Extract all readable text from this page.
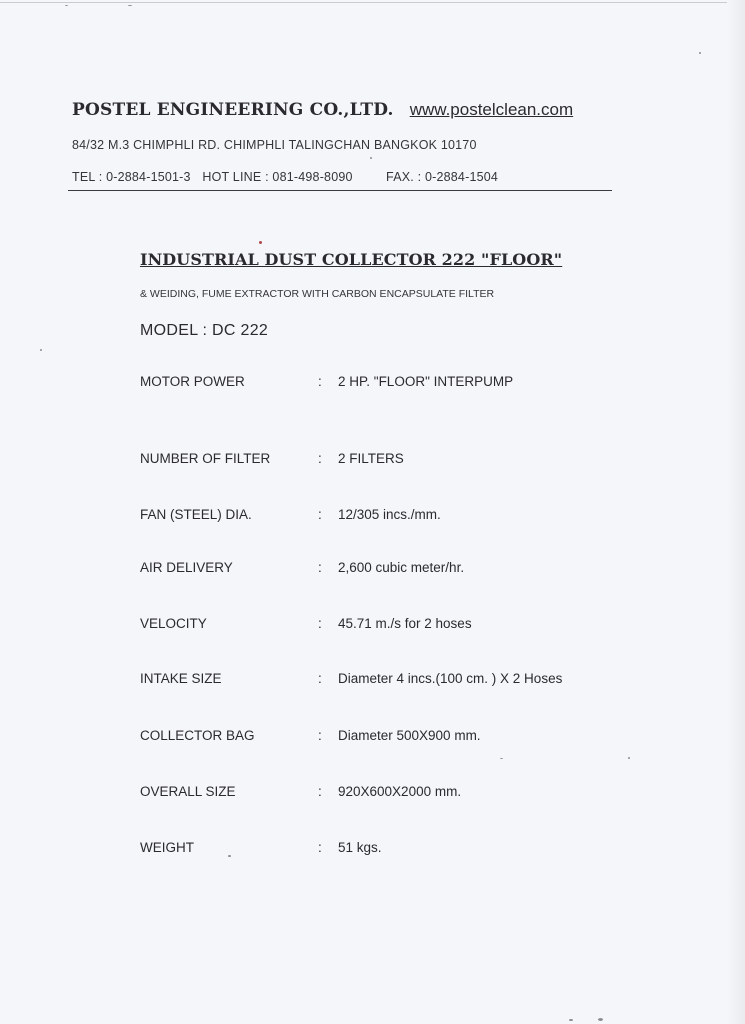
POSTEL ENGINEERING CO.,LTD. www.postelclean.com
84/32 M.3 CHIMPHLI RD. CHIMPHLI TALINGCHAN BANGKOK 10170
TEL : 0-2884-1501-3 HOT LINE : 081-498-8090	FAX. : 0-2884-1504
INDUSTRIAL DUST COLLECTOR 222 "FLOOR"
& WEIDING, FUME EXTRACTOR WITH CARBON ENCAPSULATE FILTER
MODEL : DC 222
MOTOR POWER	: 2 HP. "FLOOR" INTERPUMP
NUMBER OF FILTER	: 2 FILTERS
FAN (STEEL) DIA.	: 12/305 incs./mm.
AIR DELIVERY	: 2,600 cubic meter/hr.
VELOCITY	: 45.71 m./s for 2 hoses
INTAKE SIZE	: Diameter 4 incs.(100 cm. ) X 2 Hoses
COLLECTOR BAG	: Diameter 500X900 mm.
OVERALL SIZE	: 920X600X2000 mm.
WEIGHT	: 51 kgs.
